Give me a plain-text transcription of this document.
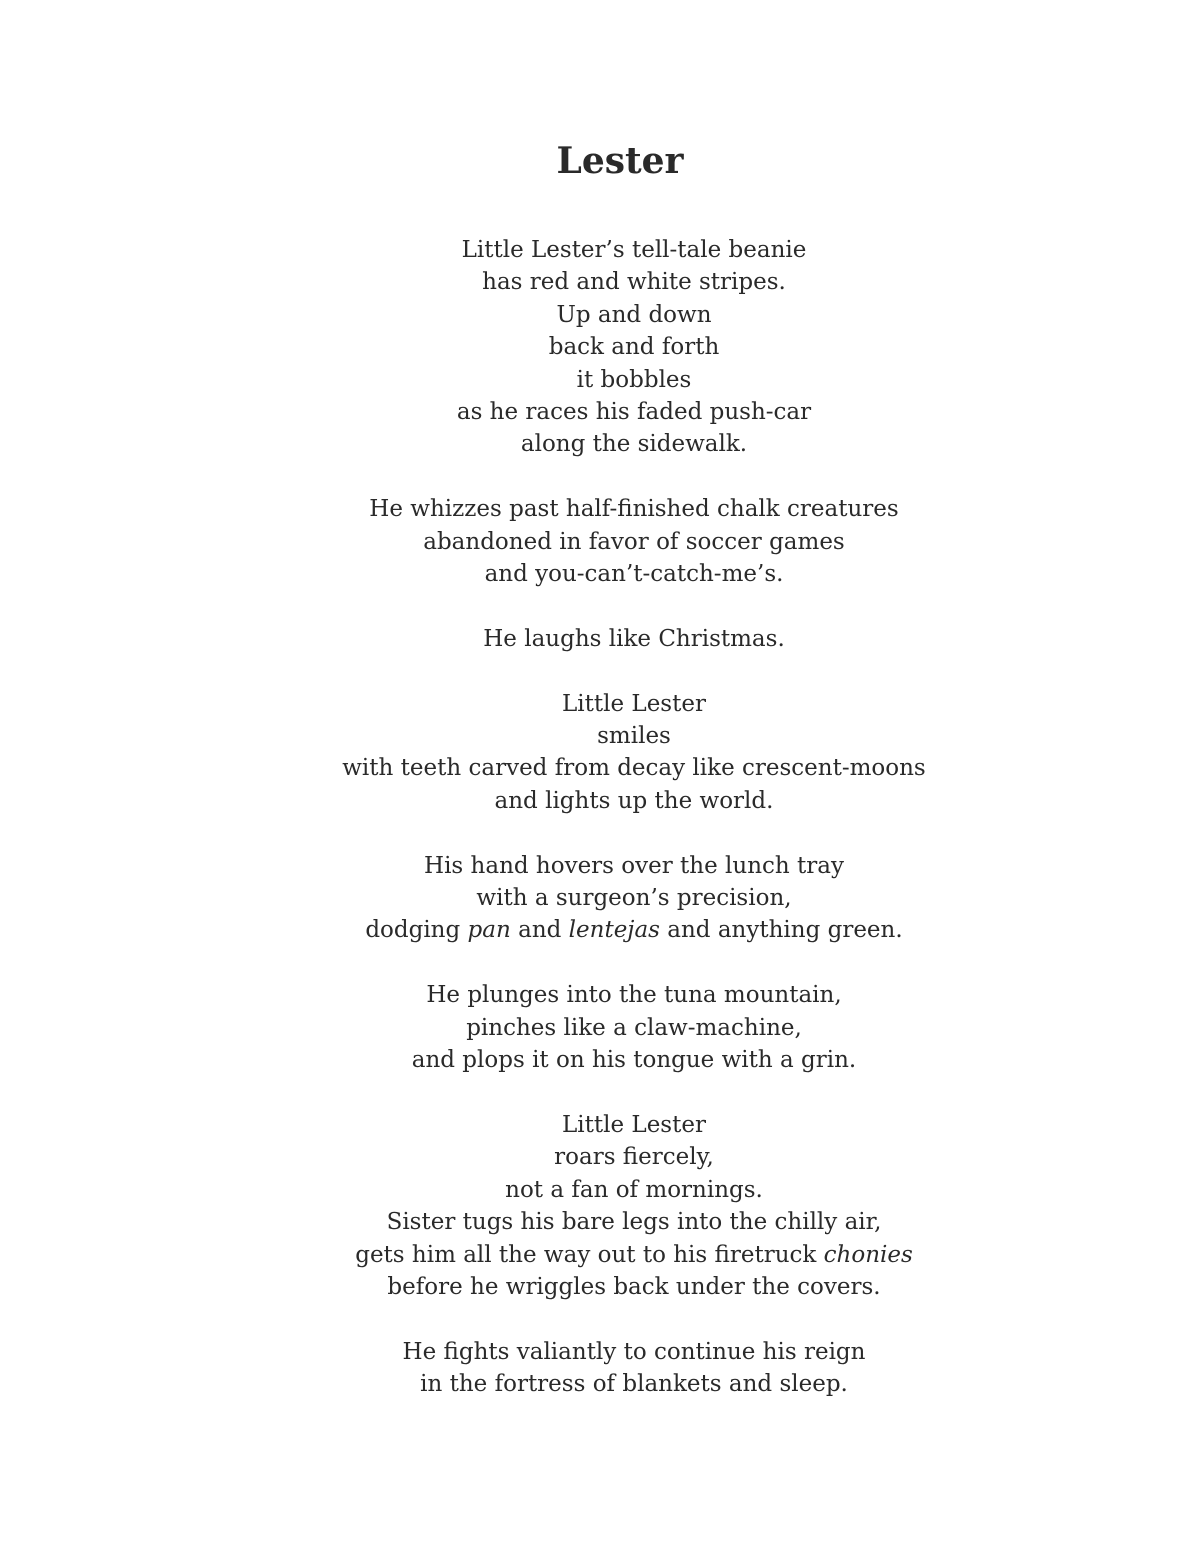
Lester
Little Lester’s tell-tale beanie
has red and white stripes.
Up and down
back and forth
it bobbles
as he races his faded push-car
along the sidewalk.
He whizzes past half-finished chalk creatures
abandoned in favor of soccer games
and you-can’t-catch-me’s.
He laughs like Christmas.
Little Lester
smiles
with teeth carved from decay like crescent-moons
and lights up the world.
His hand hovers over the lunch tray
with a surgeon’s precision,
dodging pan and lentejas and anything green.
He plunges into the tuna mountain,
pinches like a claw-machine,
and plops it on his tongue with a grin.
Little Lester
roars fiercely,
not a fan of mornings.
Sister tugs his bare legs into the chilly air,
gets him all the way out to his firetruck chonies
before he wriggles back under the covers.
He fights valiantly to continue his reign
in the fortress of blankets and sleep.
